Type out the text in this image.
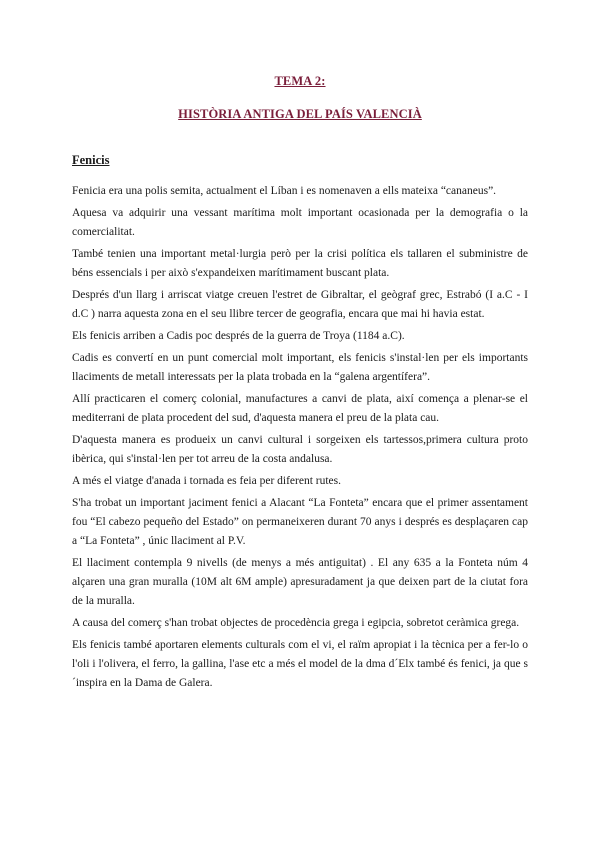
TEMA 2:
HISTÒRIA ANTIGA DEL PAÍS VALENCIÀ
Fenicis

Fenicia era una polis semita, actualment el Líban i es nomenaven a ells mateixa “cananeus”.

Aquesa va adquirir una vessant marítima molt important ocasionada per la demografia o la comercialitat.

També tenien una important metal·lurgia però per la crisi política els tallaren el subministre de béns essencials i per això s'expandeixen marítimament buscant plata.

Després d'un llarg i arriscat viatge creuen l'estret de Gibraltar, el geògraf grec, Estrabó (I a.C - I d.C ) narra aquesta zona en el seu llibre tercer de geografia, encara que mai hi havia estat.

Els fenicis arriben a Cadis poc després de la guerra de Troya (1184 a.C).

Cadis es convertí en un punt comercial molt important, els fenicis s'instal·len per els importants llaciments de metall interessats per la plata trobada en la “galena argentífera”.

Allí practicaren el comerç colonial, manufactures a canvi de plata, així comença a plenar-se el mediterrani de plata procedent del sud, d'aquesta manera el preu de la plata cau.

D'aquesta manera es produeix un canvi cultural i sorgeixen els tartessos,primera cultura proto ibèrica, qui s'instal·len per tot arreu de la costa andalusa.

A més el viatge d'anada i tornada es feia per diferent rutes.

S'ha trobat un important jaciment fenici a Alacant “La Fonteta” encara que el primer assentament fou “El cabezo pequeño del Estado” on permaneixeren durant 70 anys i després es desplaçaren cap a “La Fonteta” , únic llaciment al P.V.

El llaciment contempla 9 nivells (de menys a més antiguitat) . El any 635 a la Fonteta núm 4 alçaren una gran muralla (10M alt 6M ample) apresuradament ja que deixen part de la ciutat fora de la muralla.

A causa del comerç s'han trobat objectes de procedència grega i egipcia, sobretot ceràmica grega.

Els fenicis també aportaren elements culturals com el vi, el raïm apropiat i la tècnica per a fer-lo o l'oli i l'olivera, el ferro, la gallina, l'ase etc a més el model de la dma d´Elx també és fenici, ja que s´inspira en la Dama de Galera.
